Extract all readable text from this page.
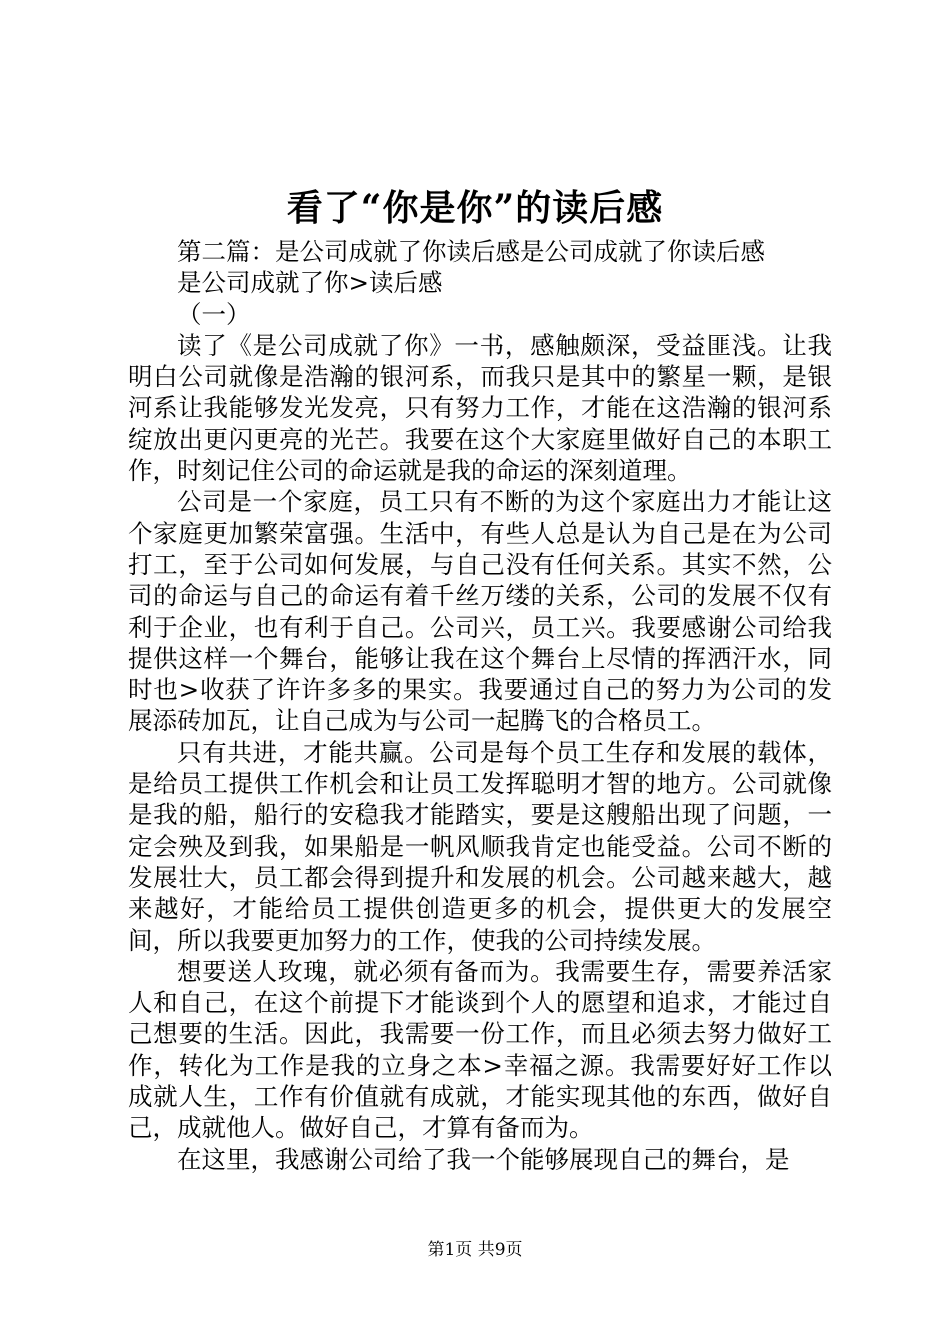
看了“你是你”的读后感

第二篇：是公司成就了你读后感是公司成就了你读后感

是公司成就了你>读后感

（一）

读了《是公司成就了你》一书，感触颇深，受益匪浅。让我明白公司就像是浩瀚的银河系，而我只是其中的繁星一颗，是银河系让我能够发光发亮，只有努力工作，才能在这浩瀚的银河系绽放出更闪更亮的光芒。我要在这个大家庭里做好自己的本职工作，时刻记住公司的命运就是我的命运的深刻道理。

公司是一个家庭，员工只有不断的为这个家庭出力才能让这个家庭更加繁荣富强。生活中，有些人总是认为自己是在为公司打工，至于公司如何发展，与自己没有任何关系。其实不然，公司的命运与自己的命运有着千丝万缕的关系，公司的发展不仅有利于企业，也有利于自己。公司兴，员工兴。我要感谢公司给我提供这样一个舞台，能够让我在这个舞台上尽情的挥洒汗水，同时也>收获了许许多多的果实。我要通过自己的努力为公司的发展添砖加瓦，让自己成为与公司一起腾飞的合格员工。

只有共进，才能共赢。公司是每个员工生存和发展的载体，是给员工提供工作机会和让员工发挥聪明才智的地方。公司就像是我的船，船行的安稳我才能踏实，要是这艘船出现了问题，一定会殃及到我，如果船是一帆风顺我肯定也能受益。公司不断的发展壮大，员工都会得到提升和发展的机会。公司越来越大，越来越好，才能给员工提供创造更多的机会，提供更大的发展空间，所以我要更加努力的工作，使我的公司持续发展。

想要送人玫瑰，就必须有备而为。我需要生存，需要养活家人和自己，在这个前提下才能谈到个人的愿望和追求，才能过自己想要的生活。因此，我需要一份工作，而且必须去努力做好工作，转化为工作是我的立身之本>幸福之源。我需要好好工作以成就人生，工作有价值就有成就，才能实现其他的东西，做好自己，成就他人。做好自己，才算有备而为。

在这里，我感谢公司给了我一个能够展现自己的舞台，是

第1页 共9页
